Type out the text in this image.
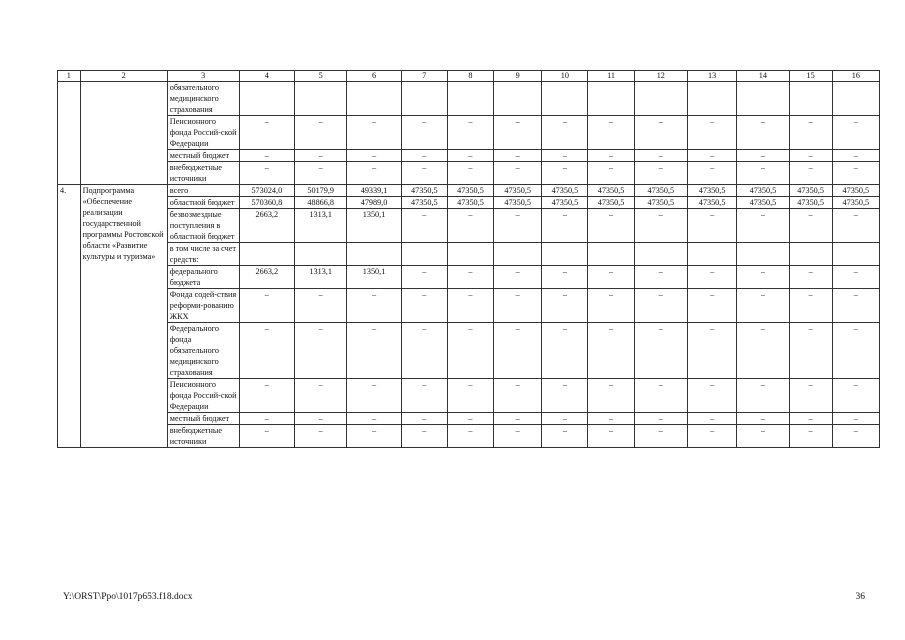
1	2	3	4	5	6	7	8	9	10	11	12	13	14	15	16
		обязательного медицинского страхования													
		Пенсионного фонда Россий-ской Федерации	–	–	–	–	–	–	–	–	–	–	–	–	–
		местный бюджет	–	–	–	–	–	–	–	–	–	–	–	–	–
		внебюджетные источники	–	–	–	–	–	–	–	–	–	–	–	–	–
4.	Подпрограмма «Обеспечение реализации государственной программы Ростовской области «Развитие культуры и туризма»	всего	573024,0	50179,9	49339,1	47350,5	47350,5	47350,5	47350,5	47350,5	47350,5	47350,5	47350,5	47350,5	47350,5
		областной бюджет	570360,8	48866,8	47989,0	47350,5	47350,5	47350,5	47350,5	47350,5	47350,5	47350,5	47350,5	47350,5	47350,5
		безвозмездные поступления в областной бюджет	2663,2	1313,1	1350,1	–	–	–	–	–	–	–	–	–	–
		в том числе за счет средств:													
		федерального бюджета	2663,2	1313,1	1350,1	–	–	–	–	–	–	–	–	–	–
		Фонда содей-ствия реформи-рованию ЖКХ	–	–	–	–	–	–	–	–	–	–	–	–	–
		Федерального фонда обязательного медицинского страхования	–	–	–	–	–	–	–	–	–	–	–	–	–
		Пенсионного фонда Россий-ской Федерации	–	–	–	–	–	–	–	–	–	–	–	–	–
		местный бюджет	–	–	–	–	–	–	–	–	–	–	–	–	–
		внебюджетные источники	–	–	–	–	–	–	–	–	–	–	–	–	–
Y:\ORST\Ppo\1017p653.f18.docx	36
